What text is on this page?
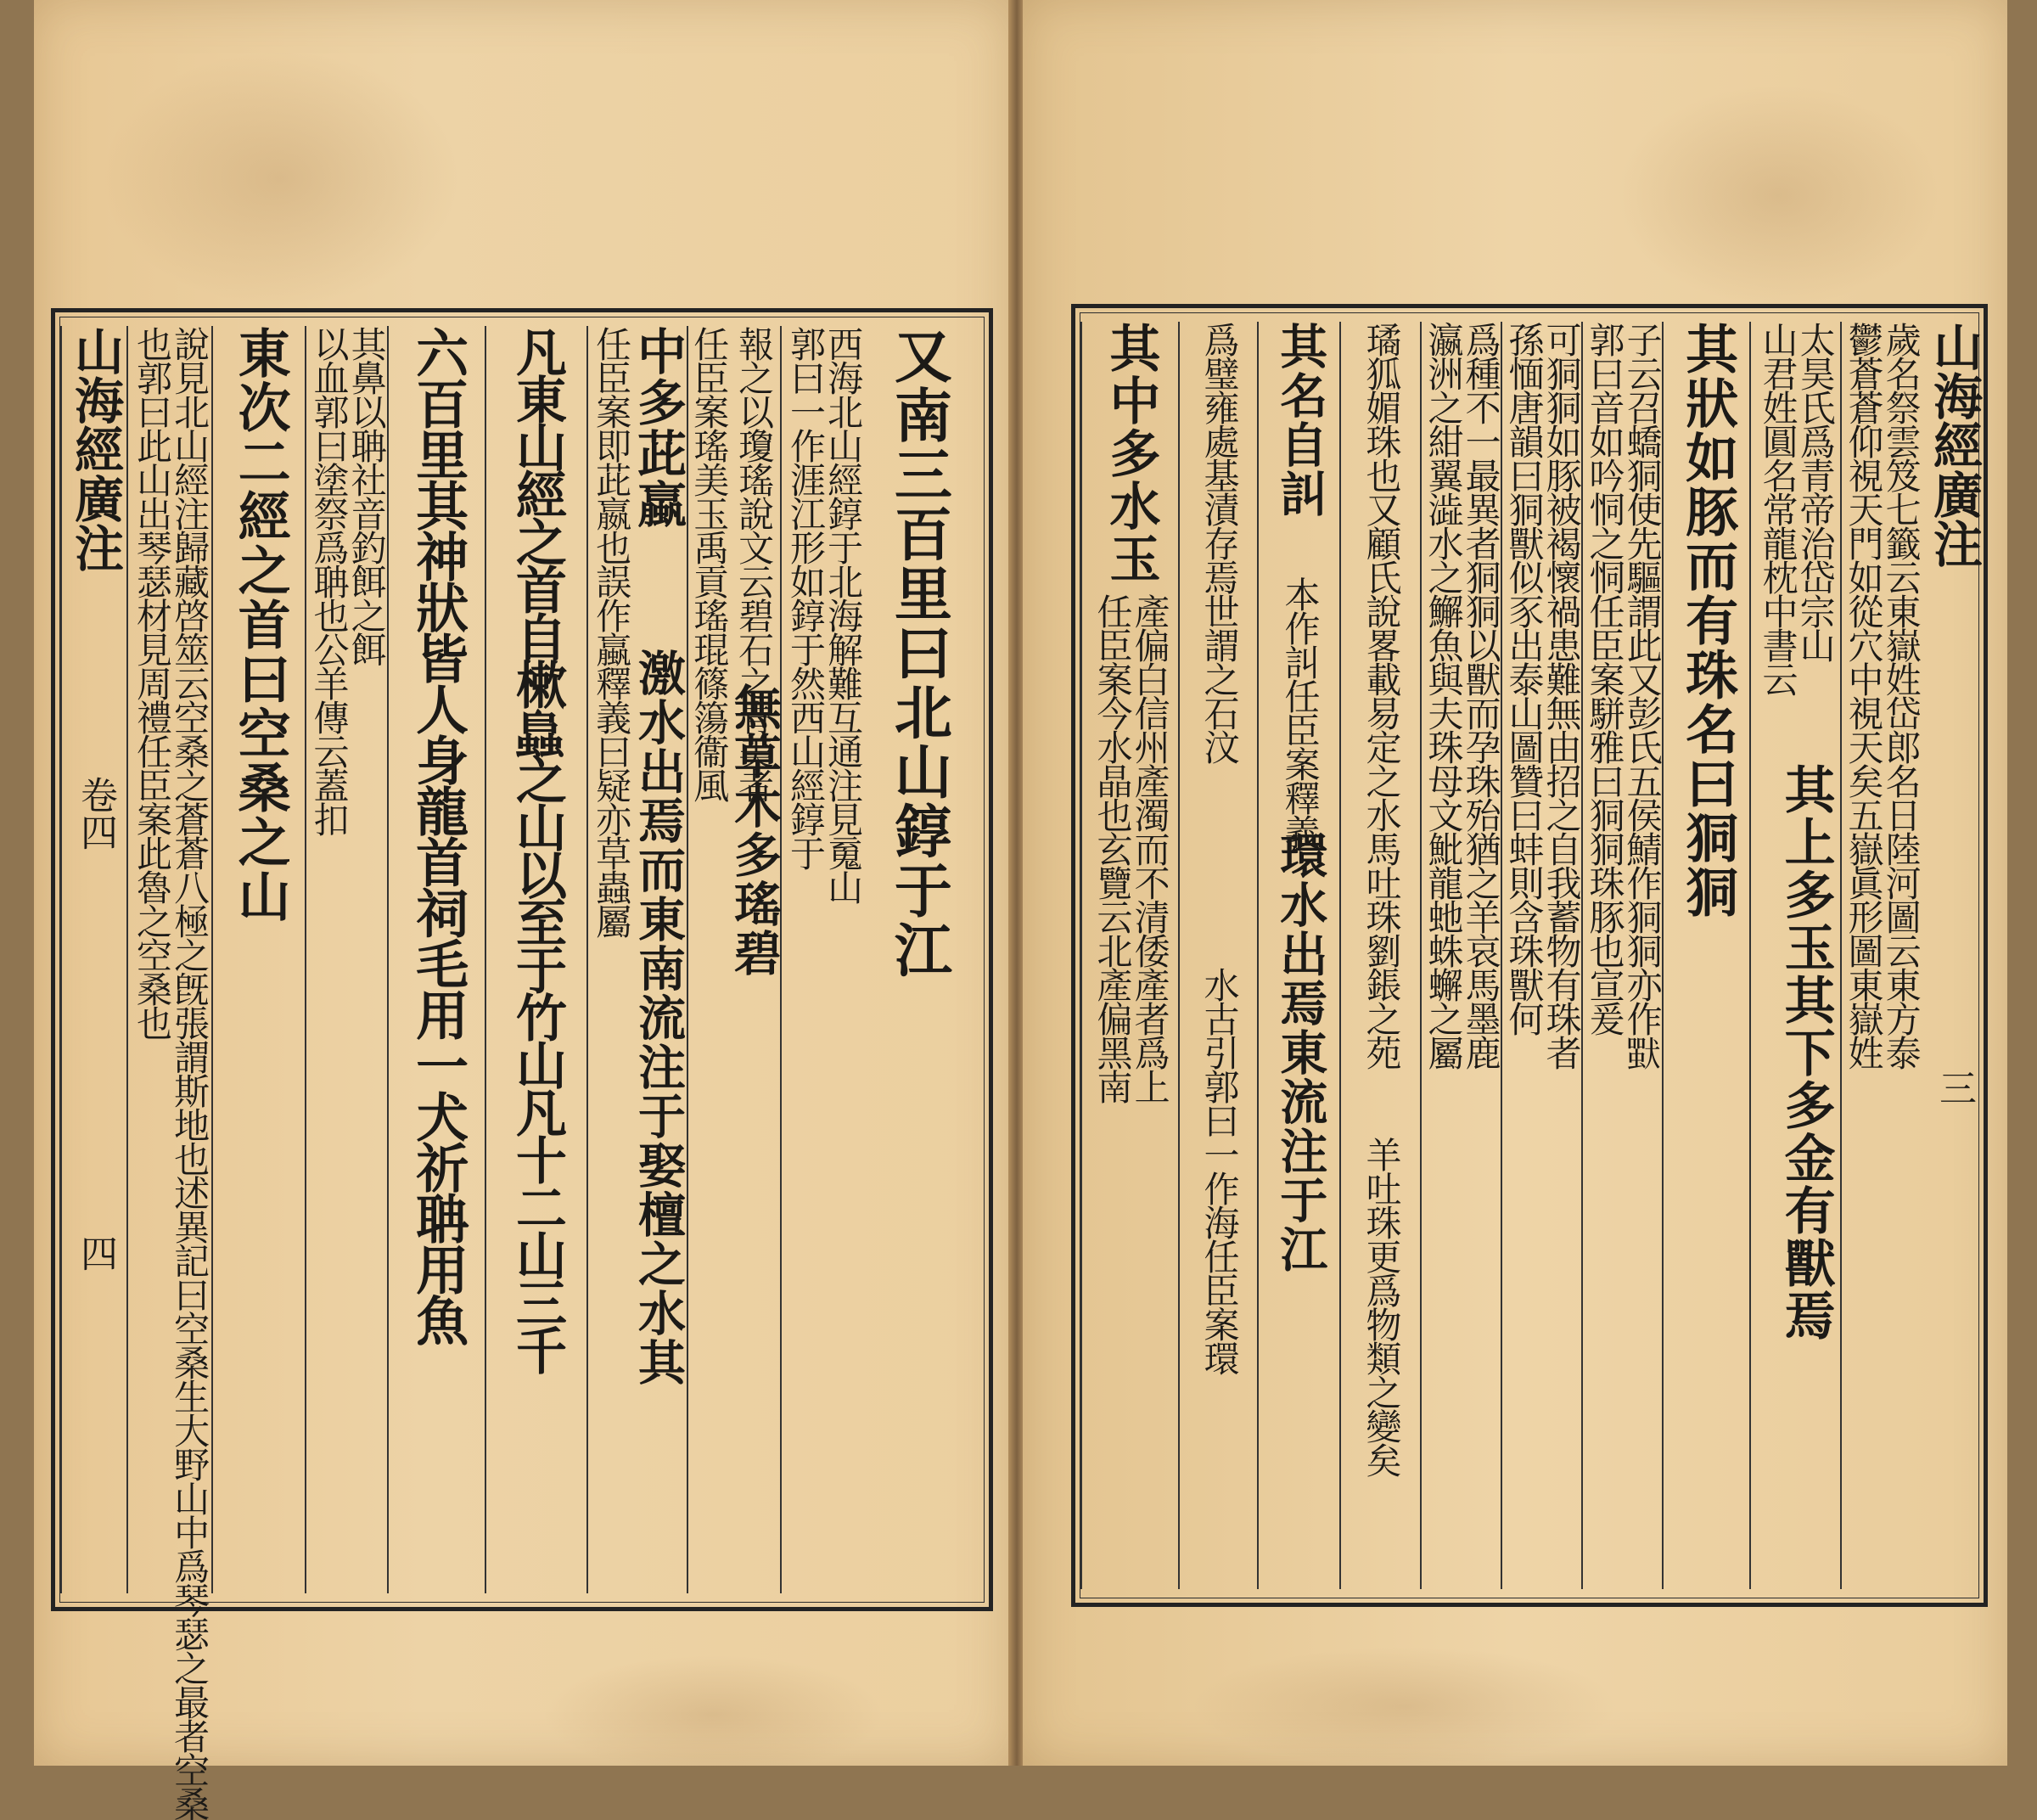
又南三百里曰北山錞于江
郭曰一作涯江形如錞于然西山經錞于
西海北山經錞于北海解難互通注見䰟山
任臣案瑤美玉禹貢瑤琨篠簜衞風 報之以瓊瑤說文云碧石之青美者
無草木多瑤碧
任臣案即茈嬴也誤作蠃釋義曰疑亦草蟲屬
中多茈蠃
激水出焉而東南流注于娶檀之水其
凡東山經之首自樕𧒂之山以至于竹山凡十二山三千
六百里其神狀皆人身龍首祠毛用一犬祈聃用魚
以血郭曰塗祭爲聃也公羊傳云蓋扣
其鼻以聃社音釣餌之餌
東次二經之首曰空桑之山
也郭曰此山出琴瑟材見周禮任臣案此魯之空桑也
說見北山經注歸藏啓筮云空桑之蒼蒼八極之旣張謂斯地也述異記曰空桑生大野山中爲琴瑟之最者空桑
山海經廣注
卷四
四
山海經廣注
三
鬱蒼蒼仰視天門如從穴中視天矣五嶽眞形圖東嶽姓
歲名祭雲笈七籤云東嶽姓岱郎名日陸河圖云東方泰
山君姓圓名常龍枕中書云
太昊氏爲青帝治岱宗山
其上多玉其下多金有獸焉
其狀如豚而有珠名曰狪狪
郭曰音如吟恫之恫任臣案駢雅曰狪狪珠豚也宣爰
子云召蟜狪使先驅謂此又彭氏五侯鯖作狪狪亦作𤡴
孫愐唐韻曰狪獸似豕出泰山圖贊曰蚌則含珠獸何
可狪狪如豚被褐懷禍患難無由招之自我蓄物有珠者
瀛洲之紺翼澁水之䲒魚與夫珠母文魮龍虵蛛蠏之屬
爲種不一最異者狪狪以獸而孕珠殆猶之羊哀馬墨鹿
璚狐媚珠也又顧氏說畧載易定之水馬吐珠劉鋹之苑
羊吐珠更爲物類之變矣
其名自訆
本作訆任臣案釋義
環水出焉東流注于江
爲璧雍處基漬存焉世謂之石汶
水古引郭曰一作海任臣案環
其中多水玉
任臣案今水晶也玄覽云北產偏黑南
產偏白信州產濁而不清倭產者爲上
